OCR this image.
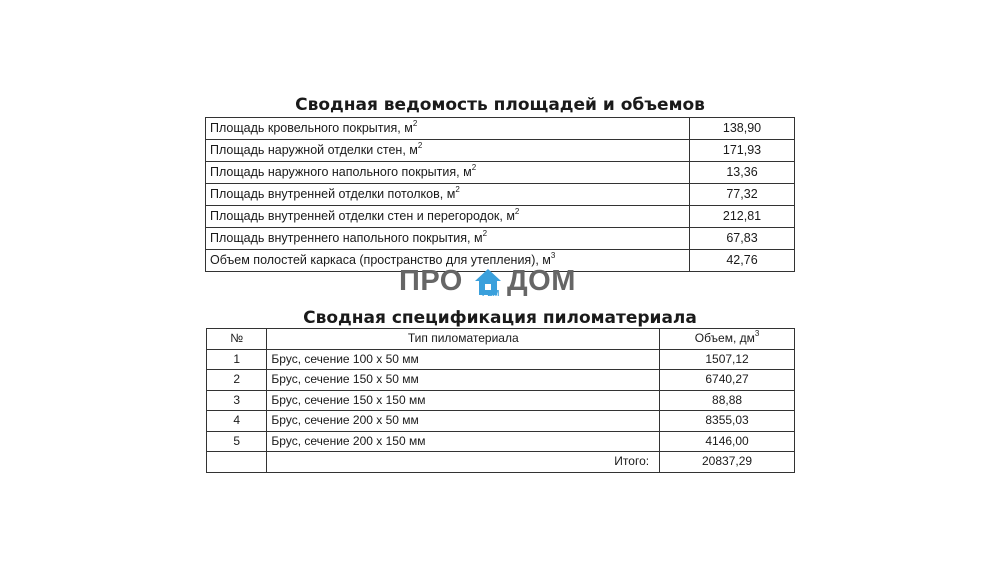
Сводная ведомость площадей и объемов
Площадь кровельного покрытия, $м^2$	138,90
Площадь наружной отделки стен, $м^2$	171,93
Площадь наружного напольного покрытия, $м^2$	13,36
Площадь внутренней отделки потолков, $м^2$	77,32
Площадь внутренней отделки стен и перегородок, $м^2$	212,81
Площадь внутреннего напольного покрытия, $м^2$	67,83
Объем полостей каркаса (пространство для утепления), $м^3$	42,76
ПРО РЕМ ДОМ
Сводная спецификация пиломатериала
№	Тип пиломатериала	Объем, $дм^3$
1	Брус, сечение 100 х 50 мм	1507,12
2	Брус, сечение 150 х 50 мм	6740,27
3	Брус, сечение 150 х 150 мм	88,88
4	Брус, сечение 200 х 50 мм	8355,03
5	Брус, сечение 200 х 150 мм	4146,00
	Итого:	20837,29
